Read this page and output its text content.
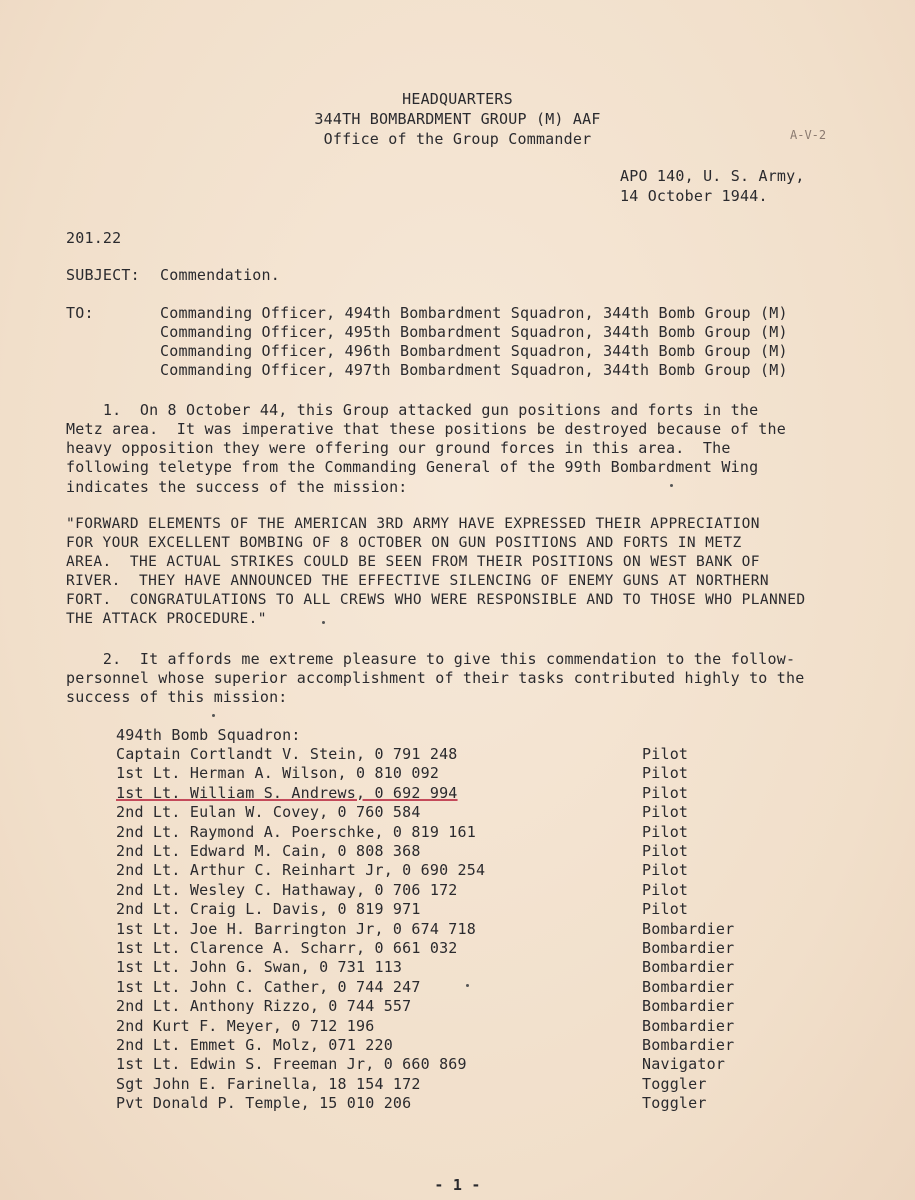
HEADQUARTERS
344TH BOMBARDMENT GROUP (M) AAF
Office of the Group Commander	A-V-2
APO 140, U. S. Army,
14 October 1944.
201.22
SUBJECT: Commendation.
TO:	Commanding Officer, 494th Bombardment Squadron, 344th Bomb Group (M)
Commanding Officer, 495th Bombardment Squadron, 344th Bomb Group (M)
Commanding Officer, 496th Bombardment Squadron, 344th Bomb Group (M)
Commanding Officer, 497th Bombardment Squadron, 344th Bomb Group (M)
1.  On 8 October 44, this Group attacked gun positions and forts in the
Metz area.  It was imperative that these positions be destroyed because of the
heavy opposition they were offering our ground forces in this area.  The
following teletype from the Commanding General of the 99th Bombardment Wing
indicates the success of the mission:
"FORWARD ELEMENTS OF THE AMERICAN 3RD ARMY HAVE EXPRESSED THEIR APPRECIATION
FOR YOUR EXCELLENT BOMBING OF 8 OCTOBER ON GUN POSITIONS AND FORTS IN METZ
AREA.  THE ACTUAL STRIKES COULD BE SEEN FROM THEIR POSITIONS ON WEST BANK OF
RIVER.  THEY HAVE ANNOUNCED THE EFFECTIVE SILENCING OF ENEMY GUNS AT NORTHERN
FORT.  CONGRATULATIONS TO ALL CREWS WHO WERE RESPONSIBLE AND TO THOSE WHO PLANNED
THE ATTACK PROCEDURE."
2.  It affords me extreme pleasure to give this commendation to the follow-
personnel whose superior accomplishment of their tasks contributed highly to the
success of this mission:
494th Bomb Squadron:
Captain Cortlandt V. Stein, 0 791 248	Pilot
1st Lt. Herman A. Wilson, 0 810 092	Pilot
1st Lt. William S. Andrews, 0 692 994	Pilot
2nd Lt. Eulan W. Covey, 0 760 584	Pilot
2nd Lt. Raymond A. Poerschke, 0 819 161	Pilot
2nd Lt. Edward M. Cain, 0 808 368	Pilot
2nd Lt. Arthur C. Reinhart Jr, 0 690 254	Pilot
2nd Lt. Wesley C. Hathaway, 0 706 172	Pilot
2nd Lt. Craig L. Davis, 0 819 971	Pilot
1st Lt. Joe H. Barrington Jr, 0 674 718	Bombardier
1st Lt. Clarence A. Scharr, 0 661 032	Bombardier
1st Lt. John G. Swan, 0 731 113	Bombardier
1st Lt. John C. Cather, 0 744 247	Bombardier
2nd Lt. Anthony Rizzo, 0 744 557	Bombardier
2nd Kurt F. Meyer, 0 712 196	Bombardier
2nd Lt. Emmet G. Molz, 071 220	Bombardier
1st Lt. Edwin S. Freeman Jr, 0 660 869	Navigator
Sgt John E. Farinella, 18 154 172	Toggler
Pvt Donald P. Temple, 15 010 206	Toggler
- 1 -
